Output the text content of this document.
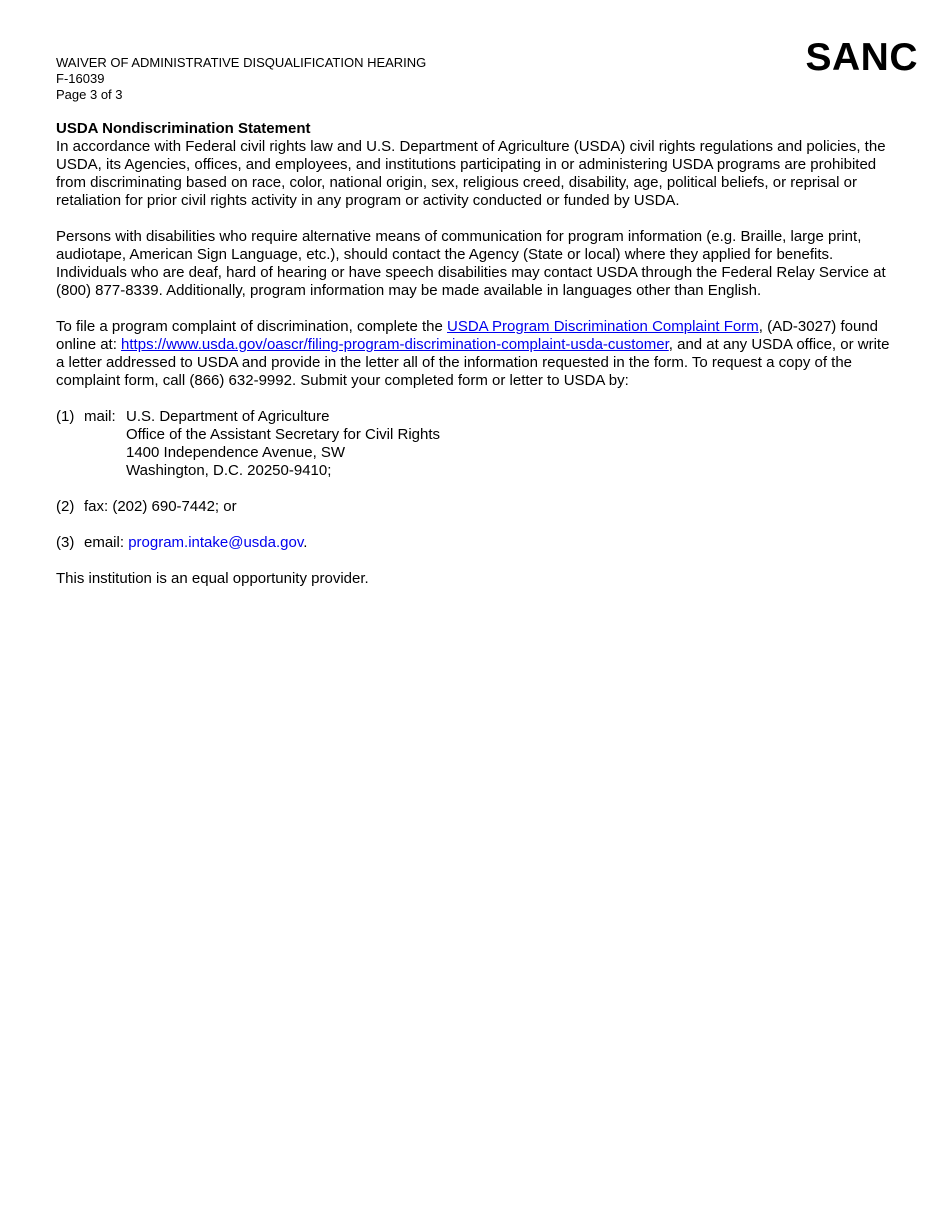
SANC

WAIVER OF ADMINISTRATIVE DISQUALIFICATION HEARING

F-16039

Page 3 of 3

USDA Nondiscrimination Statement

In accordance with Federal civil rights law and U.S. Department of Agriculture (USDA) civil rights regulations and policies, the USDA, its Agencies, offices, and employees, and institutions participating in or administering USDA programs are prohibited from discriminating based on race, color, national origin, sex, religious creed, disability, age, political beliefs, or reprisal or retaliation for prior civil rights activity in any program or activity conducted or funded by USDA.

Persons with disabilities who require alternative means of communication for program information (e.g. Braille, large print, audiotape, American Sign Language, etc.), should contact the Agency (State or local) where they applied for benefits. Individuals who are deaf, hard of hearing or have speech disabilities may contact USDA through the Federal Relay Service at (800) 877-8339. Additionally, program information may be made available in languages other than English.

To file a program complaint of discrimination, complete the USDA Program Discrimination Complaint Form, (AD-3027) found online at: https://www.usda.gov/oascr/filing-program-discrimination-complaint-usda-customer, and at any USDA office, or write a letter addressed to USDA and provide in the letter all of the information requested in the form. To request a copy of the complaint form, call (866) 632-9992. Submit your completed form or letter to USDA by:

(1) mail: U.S. Department of Agriculture
Office of the Assistant Secretary for Civil Rights
1400 Independence Avenue, SW
Washington, D.C. 20250-9410;
(2) fax: (202) 690-7442; or
(3) email: program.intake@usda.gov.

This institution is an equal opportunity provider.
